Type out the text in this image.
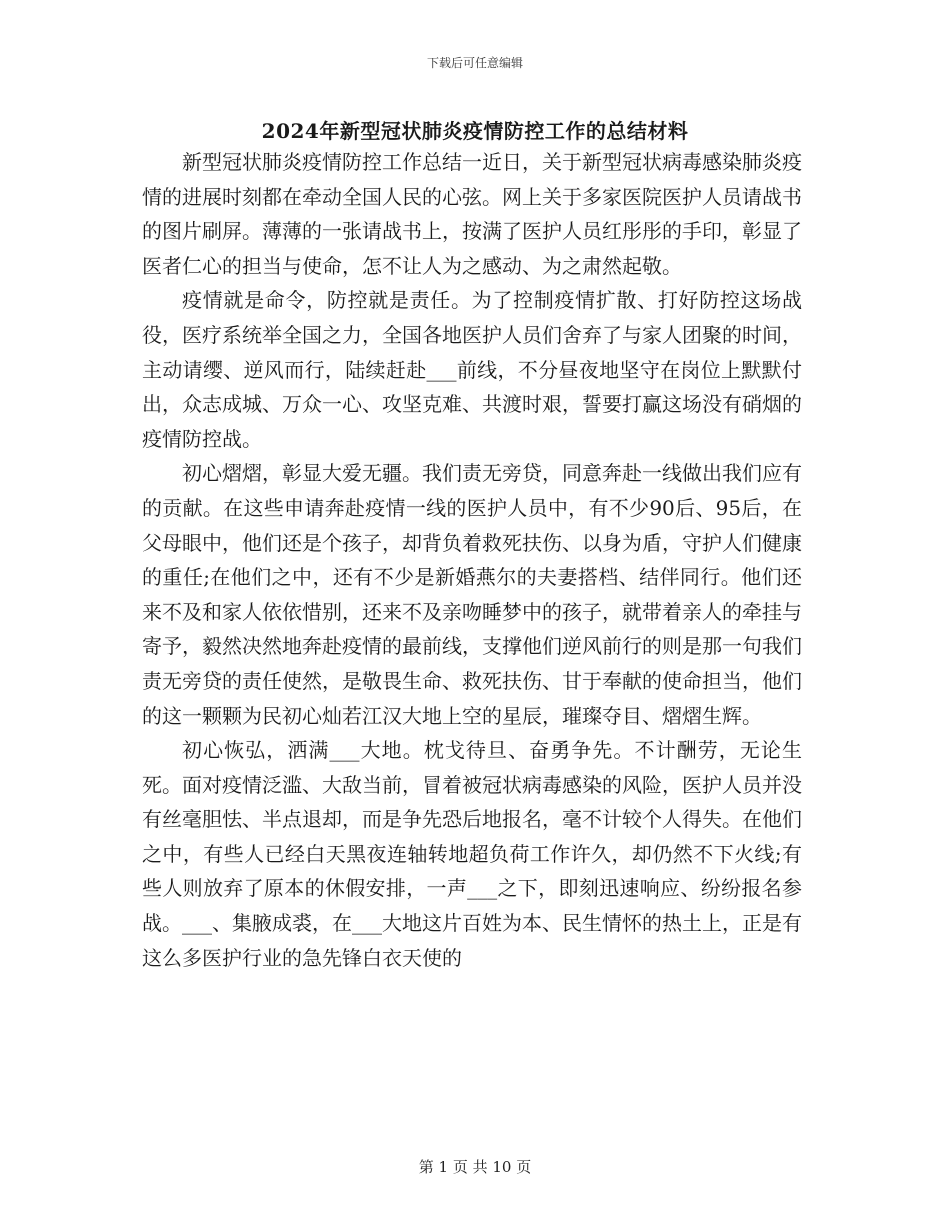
下载后可任意编辑
2024年新型冠状肺炎疫情防控工作的总结材料

新型冠状肺炎疫情防控工作总结一近日，关于新型冠状病毒感染肺炎疫情的进展时刻都在牵动全国人民的心弦。网上关于多家医院医护人员请战书的图片刷屏。薄薄的一张请战书上，按满了医护人员红彤彤的手印，彰显了医者仁心的担当与使命，怎不让人为之感动、为之肃然起敬。

疫情就是命令，防控就是责任。为了控制疫情扩散、打好防控这场战役，医疗系统举全国之力，全国各地医护人员们舍弃了与家人团聚的时间，主动请缨、逆风而行，陆续赶赴___前线，不分昼夜地坚守在岗位上默默付出，众志成城、万众一心、攻坚克难、共渡时艰，誓要打赢这场没有硝烟的疫情防控战。

初心熠熠，彰显大爱无疆。我们责无旁贷，同意奔赴一线做出我们应有的贡献。在这些申请奔赴疫情一线的医护人员中，有不少90后、95后，在父母眼中，他们还是个孩子，却背负着救死扶伤、以身为盾，守护人们健康的重任;在他们之中，还有不少是新婚燕尔的夫妻搭档、结伴同行。他们还来不及和家人依依惜别，还来不及亲吻睡梦中的孩子，就带着亲人的牵挂与寄予，毅然决然地奔赴疫情的最前线，支撑他们逆风前行的则是那一句我们责无旁贷的责任使然，是敬畏生命、救死扶伤、甘于奉献的使命担当，他们的这一颗颗为民初心灿若江汉大地上空的星辰，璀璨夺目、熠熠生辉。

初心恢弘，洒满___大地。枕戈待旦、奋勇争先。不计酬劳，无论生死。面对疫情泛滥、大敌当前，冒着被冠状病毒感染的风险，医护人员并没有丝毫胆怯、半点退却，而是争先恐后地报名，毫不计较个人得失。在他们之中，有些人已经白天黑夜连轴转地超负荷工作许久，却仍然不下火线;有些人则放弃了原本的休假安排，一声___之下，即刻迅速响应、纷纷报名参战。___、集腋成裘，在___大地这片百姓为本、民生情怀的热土上，正是有这么多医护行业的急先锋白衣天使的

第 1 页 共 10 页
